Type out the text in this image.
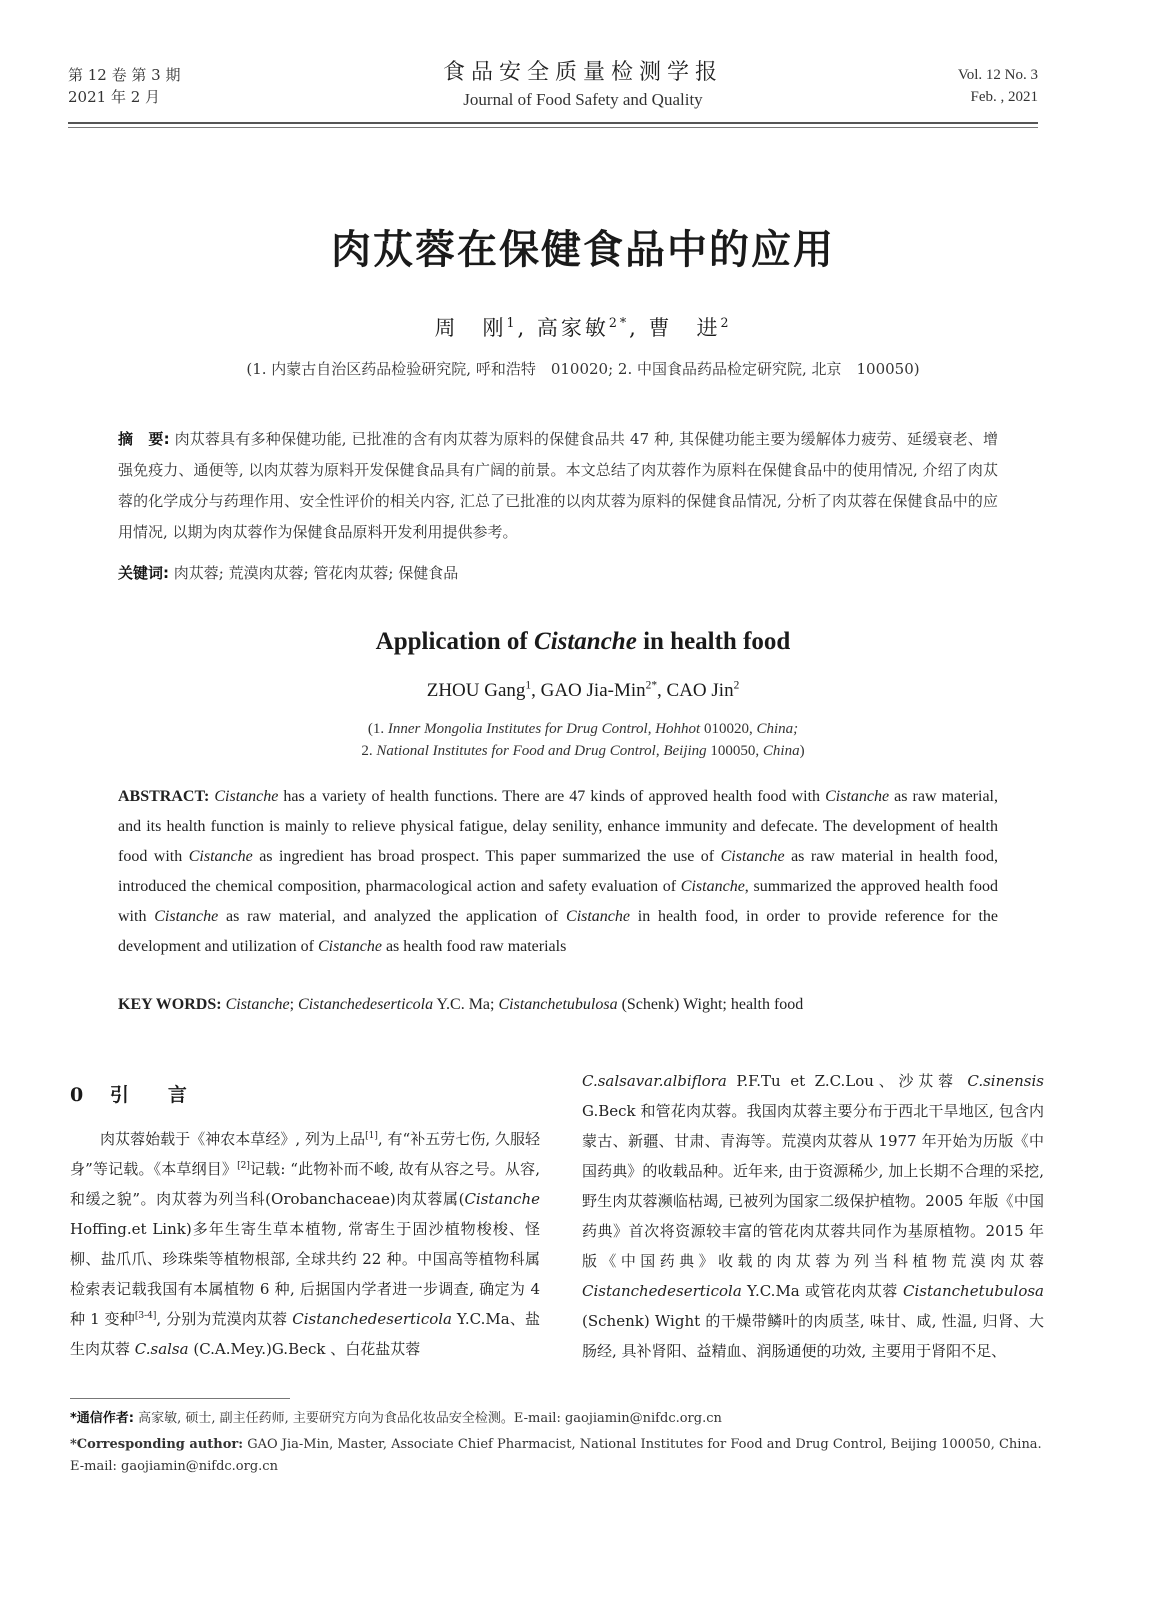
第 12 卷 第 3 期
2021 年 2 月
食品安全质量检测学报
Journal of Food Safety and Quality
Vol. 12 No. 3
Feb. , 2021
肉苁蓉在保健食品中的应用
周　刚$^1$, 高家敏$^{2*}$, 曹　进$^2$
(1. 内蒙古自治区药品检验研究院, 呼和浩特　010020; 2. 中国食品药品检定研究院, 北京　100050)
摘　要: 肉苁蓉具有多种保健功能, 已批准的含有肉苁蓉为原料的保健食品共 47 种, 其保健功能主要为缓解体力疲劳、延缓衰老、增强免疫力、通便等, 以肉苁蓉为原料开发保健食品具有广阔的前景。本文总结了肉苁蓉作为原料在保健食品中的使用情况, 介绍了肉苁蓉的化学成分与药理作用、安全性评价的相关内容, 汇总了已批准的以肉苁蓉为原料的保健食品情况, 分析了肉苁蓉在保健食品中的应用情况, 以期为肉苁蓉作为保健食品原料开发利用提供参考。
关键词: 肉苁蓉; 荒漠肉苁蓉; 管花肉苁蓉; 保健食品
Application of Cistanche in health food
ZHOU Gang$^1$, GAO Jia-Min$^{2*}$, CAO Jin$^2$
(1. Inner Mongolia Institutes for Drug Control, Hohhot 010020, China;
2. National Institutes for Food and Drug Control, Beijing 100050, China)
ABSTRACT: Cistanche has a variety of health functions. There are 47 kinds of approved health food with Cistanche as raw material, and its health function is mainly to relieve physical fatigue, delay senility, enhance immunity and defecate. The development of health food with Cistanche as ingredient has broad prospect. This paper summarized the use of Cistanche as raw material in health food, introduced the chemical composition, pharmacological action and safety evaluation of Cistanche, summarized the approved health food with Cistanche as raw material, and analyzed the application of Cistanche in health food, in order to provide reference for the development and utilization of Cistanche as health food raw materials
KEY WORDS: Cistanche; Cistanchedeserticola Y.C. Ma; Cistanchetubulosa (Schenk) Wight; health food
0 引　言

肉苁蓉始载于《神农本草经》, 列为上品[1], 有“补五劳七伤, 久服轻身”等记载。《本草纲目》[2]记载: “此物补而不峻, 故有从容之号。从容, 和缓之貌”。肉苁蓉为列当科(Orobanchaceae)肉苁蓉属(Cistanche Hoffing.et Link)多年生寄生草本植物, 常寄生于固沙植物梭梭、怪柳、盐爪爪、珍珠柴等植物根部, 全球共约 22 种。中国高等植物科属检索表记载我国有本属植物 6 种, 后据国内学者进一步调查, 确定为 4 种 1 变种[3-4], 分别为荒漠肉苁蓉 Cistanchedeserticola Y.C.Ma、盐生肉苁蓉 C.salsa (C.A.Mey.)G.Beck 、白花盐苁蓉

C.salsavar.albiflora P.F.Tu et Z.C.Lou、沙苁蓉 C.sinensis G.Beck 和管花肉苁蓉。我国肉苁蓉主要分布于西北干旱地区, 包含内蒙古、新疆、甘肃、青海等。荒漠肉苁蓉从 1977 年开始为历版《中国药典》的收载品种。近年来, 由于资源稀少, 加上长期不合理的采挖, 野生肉苁蓉濒临枯竭, 已被列为国家二级保护植物。2005 年版《中国药典》首次将资源较丰富的管花肉苁蓉共同作为基原植物。2015 年版《中国药典》收载的肉苁蓉为列当科植物荒漠肉苁蓉 Cistanchedeserticola Y.C.Ma 或管花肉苁蓉 Cistanchetubulosa (Schenk) Wight 的干燥带鳞叶的肉质茎, 味甘、咸, 性温, 归肾、大肠经, 具补肾阳、益精血、润肠通便的功效, 主要用于肾阳不足、

*通信作者: 高家敏, 硕士, 副主任药师, 主要研究方向为食品化妆品安全检测。E-mail: gaojiamin@nifdc.org.cn
*Corresponding author: GAO Jia-Min, Master, Associate Chief Pharmacist, National Institutes for Food and Drug Control, Beijing 100050, China. E-mail: gaojiamin@nifdc.org.cn
